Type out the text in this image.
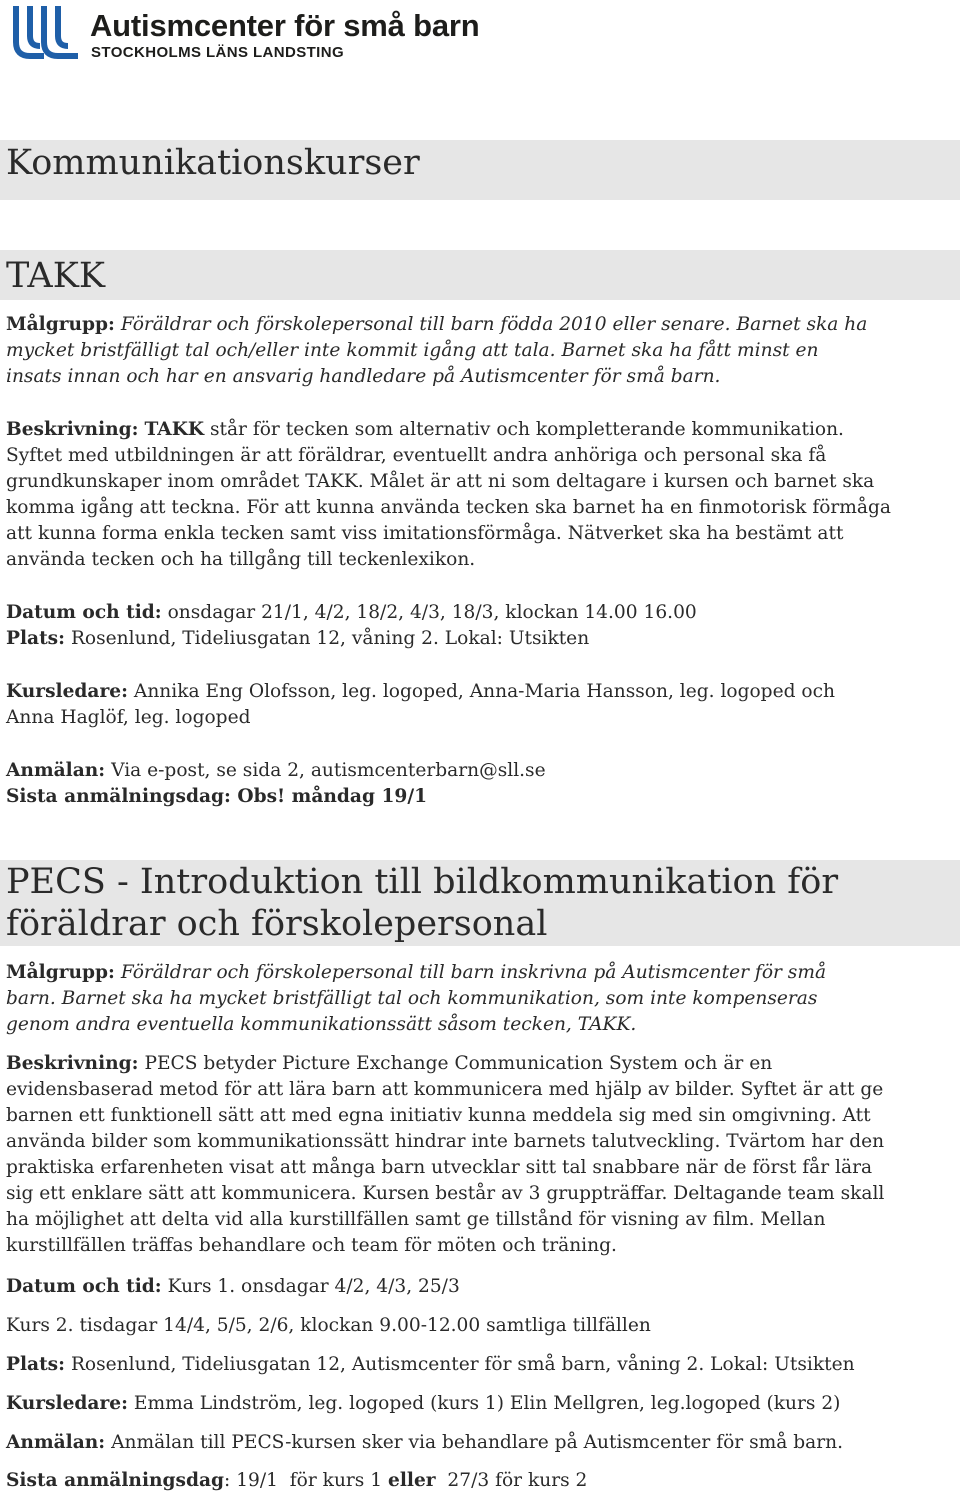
Autismcenter för små barn
STOCKHOLMS LÄNS LANDSTING
Kommunikationskurser
TAKK
Målgrupp: Föräldrar och förskolepersonal till barn födda 2010 eller senare. Barnet ska ha
mycket bristfälligt tal och/eller inte kommit igång att tala. Barnet ska ha fått minst en
insats innan och har en ansvarig handledare på Autismcenter för små barn.
Beskrivning: TAKK står för tecken som alternativ och kompletterande kommunikation.
Syftet med utbildningen är att föräldrar, eventuellt andra anhöriga och personal ska få
grundkunskaper inom området TAKK. Målet är att ni som deltagare i kursen och barnet ska
komma igång att teckna. För att kunna använda tecken ska barnet ha en finmotorisk förmåga
att kunna forma enkla tecken samt viss imitationsförmåga. Nätverket ska ha bestämt att
använda tecken och ha tillgång till teckenlexikon.
Datum och tid: onsdagar 21/1, 4/2, 18/2, 4/3, 18/3, klockan 14.00 16.00
Plats: Rosenlund, Tideliusgatan 12, våning 2. Lokal: Utsikten
Kursledare: Annika Eng Olofsson, leg. logoped, Anna-Maria Hansson, leg. logoped och
Anna Haglöf, leg. logoped
Anmälan: Via e-post, se sida 2, autismcenterbarn@sll.se
Sista anmälningsdag: Obs! måndag 19/1
PECS - Introduktion till bildkommunikation för
föräldrar och förskolepersonal
Målgrupp: Föräldrar och förskolepersonal till barn inskrivna på Autismcenter för små
barn. Barnet ska ha mycket bristfälligt tal och kommunikation, som inte kompenseras
genom andra eventuella kommunikationssätt såsom tecken, TAKK.
Beskrivning: PECS betyder Picture Exchange Communication System och är en
evidensbaserad metod för att lära barn att kommunicera med hjälp av bilder. Syftet är att ge
barnen ett funktionell sätt att med egna initiativ kunna meddela sig med sin omgivning. Att
använda bilder som kommunikationssätt hindrar inte barnets talutveckling. Tvärtom har den
praktiska erfarenheten visat att många barn utvecklar sitt tal snabbare när de först får lära
sig ett enklare sätt att kommunicera. Kursen består av 3 gruppträffar. Deltagande team skall
ha möjlighet att delta vid alla kurstillfällen samt ge tillstånd för visning av film. Mellan
kurstillfällen träffas behandlare och team för möten och träning.
Datum och tid: Kurs 1. onsdagar 4/2, 4/3, 25/3
Kurs 2. tisdagar 14/4, 5/5, 2/6, klockan 9.00-12.00 samtliga tillfällen
Plats: Rosenlund, Tideliusgatan 12, Autismcenter för små barn, våning 2. Lokal: Utsikten
Kursledare: Emma Lindström, leg. logoped (kurs 1) Elin Mellgren, leg.logoped (kurs 2)
Anmälan: Anmälan till PECS-kursen sker via behandlare på Autismcenter för små barn.
Sista anmälningsdag: 19/1  för kurs 1 eller  27/3 för kurs 2
